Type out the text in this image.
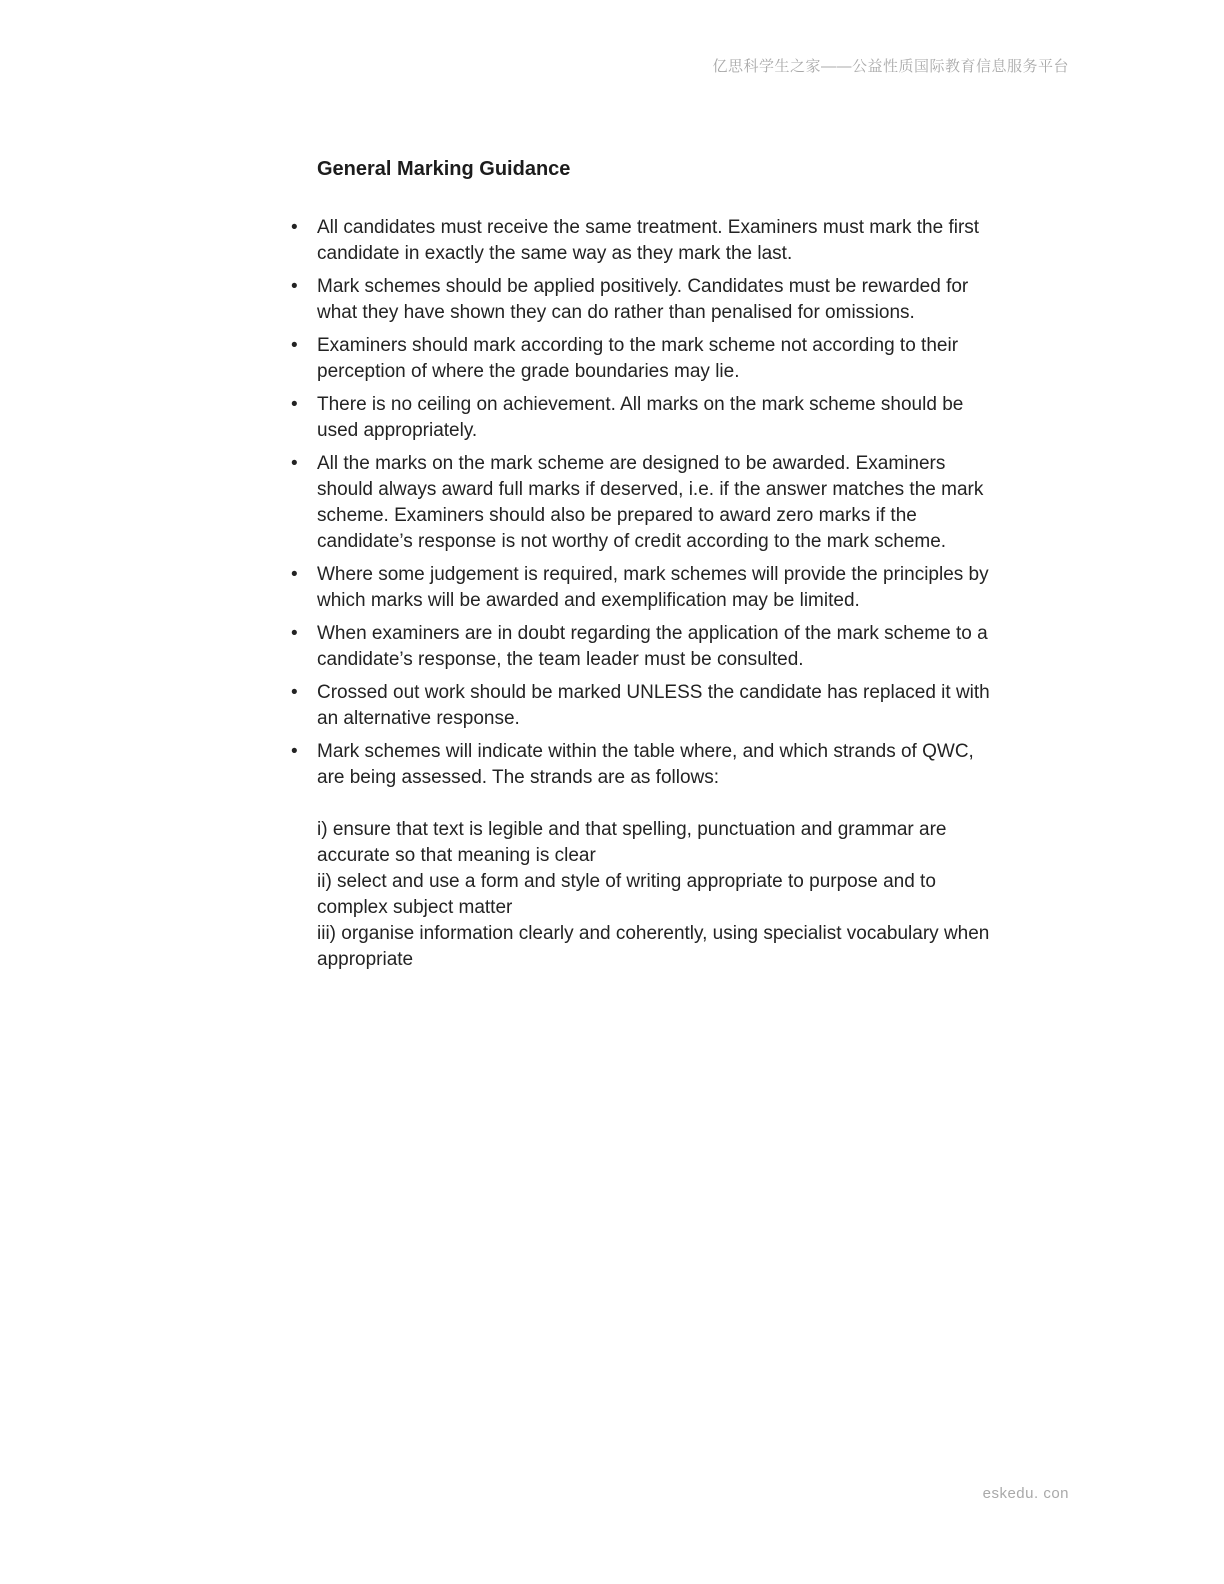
亿思科学生之家——公益性质国际教育信息服务平台
General Marking Guidance
• All candidates must receive the same treatment. Examiners must mark the first candidate in exactly the same way as they mark the last.
• Mark schemes should be applied positively. Candidates must be rewarded for what they have shown they can do rather than penalised for omissions.
• Examiners should mark according to the mark scheme not according to their perception of where the grade boundaries may lie.
• There is no ceiling on achievement. All marks on the mark scheme should be used appropriately.
• All the marks on the mark scheme are designed to be awarded. Examiners should always award full marks if deserved, i.e. if the answer matches the mark scheme. Examiners should also be prepared to award zero marks if the candidate’s response is not worthy of credit according to the mark scheme.
• Where some judgement is required, mark schemes will provide the principles by which marks will be awarded and exemplification may be limited.
• When examiners are in doubt regarding the application of the mark scheme to a candidate’s response, the team leader must be consulted.
• Crossed out work should be marked UNLESS the candidate has replaced it with an alternative response.
• Mark schemes will indicate within the table where, and which strands of QWC, are being assessed. The strands are as follows:
i) ensure that text is legible and that spelling, punctuation and grammar are accurate so that meaning is clear
ii) select and use a form and style of writing appropriate to purpose and to complex subject matter
iii) organise information clearly and coherently, using specialist vocabulary when appropriate
eskedu. con
